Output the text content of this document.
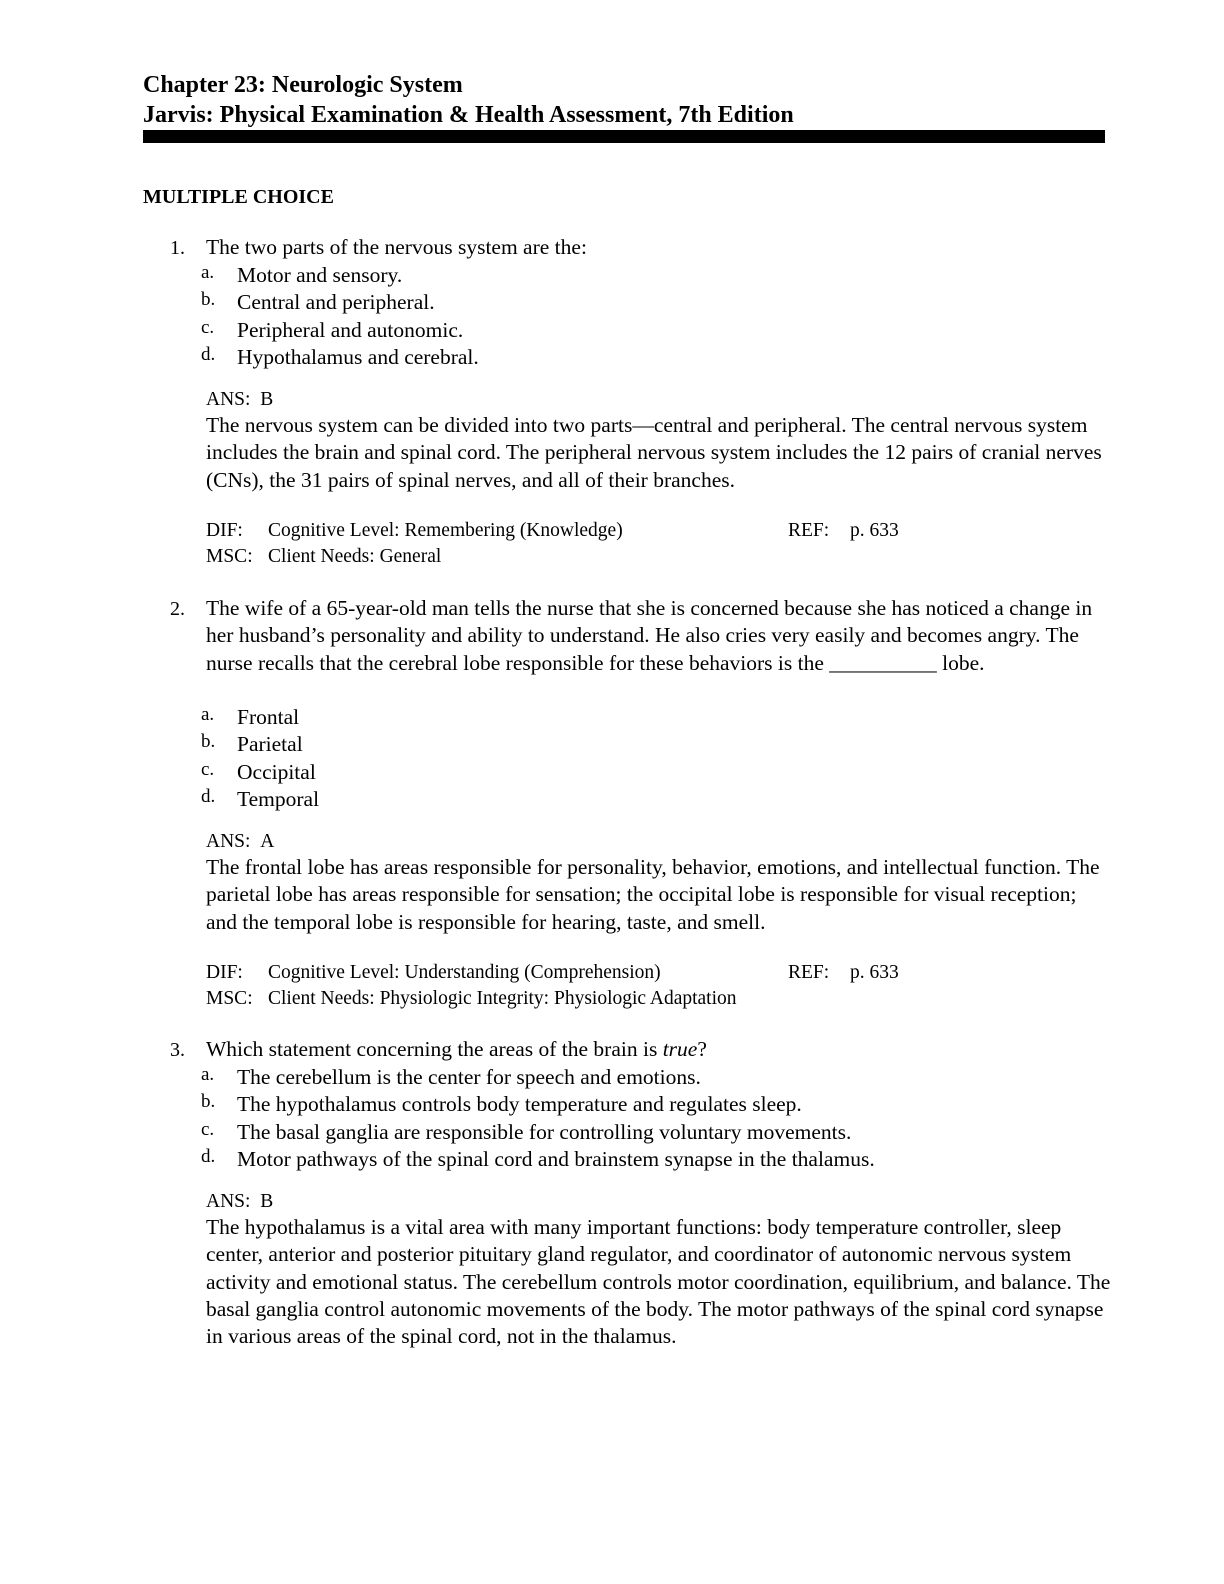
Chapter 23: Neurologic System
Jarvis: Physical Examination & Health Assessment, 7th Edition
MULTIPLE CHOICE
1. The two parts of the nervous system are the:
a. Motor and sensory.
b. Central and peripheral.
c. Peripheral and autonomic.
d. Hypothalamus and cerebral.
ANS: B
The nervous system can be divided into two parts—central and peripheral. The central nervous system includes the brain and spinal cord. The peripheral nervous system includes the 12 pairs of cranial nerves (CNs), the 31 pairs of spinal nerves, and all of their branches.
DIF: Cognitive Level: Remembering (Knowledge)	REF: p. 633
MSC: Client Needs: General
2. The wife of a 65-year-old man tells the nurse that she is concerned because she has noticed a change in her husband’s personality and ability to understand. He also cries very easily and becomes angry. The nurse recalls that the cerebral lobe responsible for these behaviors is the __________ lobe.
a. Frontal
b. Parietal
c. Occipital
d. Temporal
ANS: A
The frontal lobe has areas responsible for personality, behavior, emotions, and intellectual function. The parietal lobe has areas responsible for sensation; the occipital lobe is responsible for visual reception; and the temporal lobe is responsible for hearing, taste, and smell.
DIF: Cognitive Level: Understanding (Comprehension)	REF: p. 633
MSC: Client Needs: Physiologic Integrity: Physiologic Adaptation
3. Which statement concerning the areas of the brain is true?
a. The cerebellum is the center for speech and emotions.
b. The hypothalamus controls body temperature and regulates sleep.
c. The basal ganglia are responsible for controlling voluntary movements.
d. Motor pathways of the spinal cord and brainstem synapse in the thalamus.
ANS: B
The hypothalamus is a vital area with many important functions: body temperature controller, sleep center, anterior and posterior pituitary gland regulator, and coordinator of autonomic nervous system activity and emotional status. The cerebellum controls motor coordination, equilibrium, and balance. The basal ganglia control autonomic movements of the body. The motor pathways of the spinal cord synapse in various areas of the spinal cord, not in the thalamus.
